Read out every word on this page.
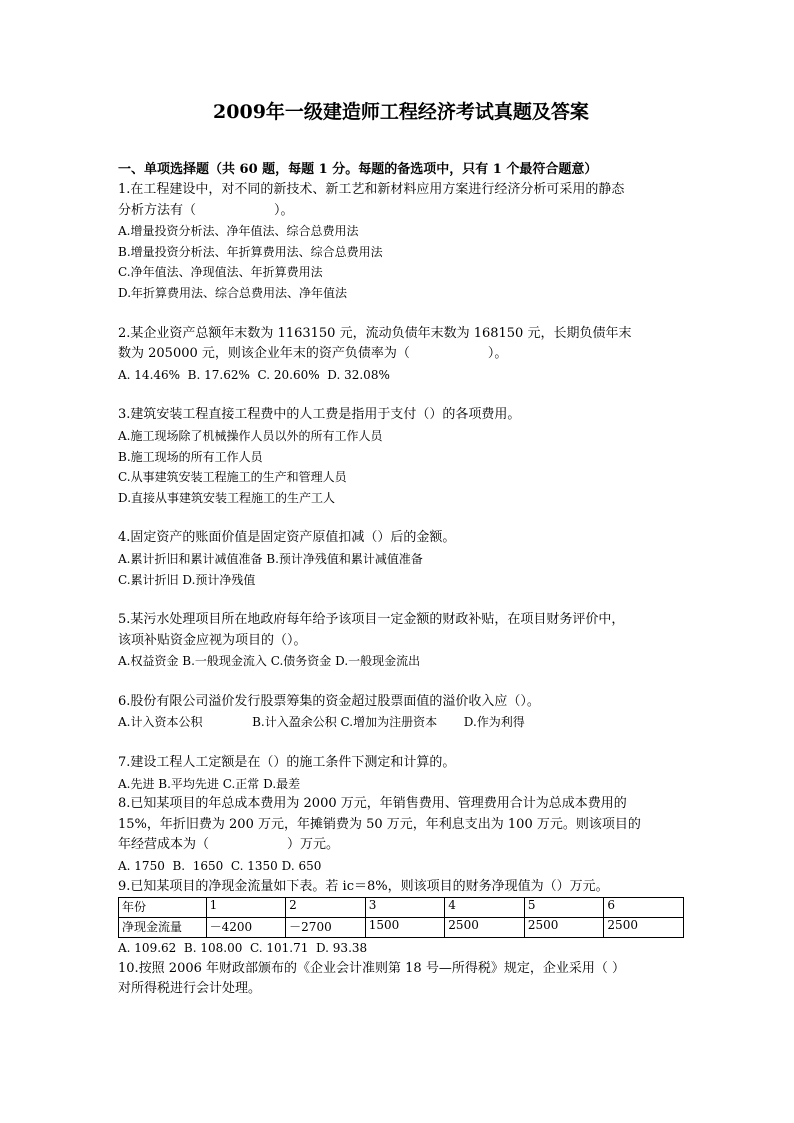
2009年一级建造师工程经济考试真题及答案

一、单项选择题（共 60 题，每题 1 分。每题的备选项中，只有 1 个最符合题意）

1.在工程建设中，对不同的新技术、新工艺和新材料应用方案进行经济分析可采用的静态

分析方法有（　　　　　　）。

A.增量投资分析法、净年值法、综合总费用法

B.增量投资分析法、年折算费用法、综合总费用法

C.净年值法、净现值法、年折算费用法

D.年折算费用法、综合总费用法、净年值法

2.某企业资产总额年末数为 1163150 元，流动负债年末数为 168150 元，长期负债年末

数为 205000 元，则该企业年末的资产负债率为（　　　　　　）。

A. 14.46%  B. 17.62%  C. 20.60%  D. 32.08%

3.建筑安装工程直接工程费中的人工费是指用于支付（）的各项费用。

A.施工现场除了机械操作人员以外的所有工作人员

B.施工现场的所有工作人员

C.从事建筑安装工程施工的生产和管理人员

D.直接从事建筑安装工程施工的生产工人

4.固定资产的账面价值是固定资产原值扣减（）后的金额。

A.累计折旧和累计减值准备 B.预计净残值和累计减值准备

C.累计折旧 D.预计净残值

5.某污水处理项目所在地政府每年给予该项目一定金额的财政补贴，在项目财务评价中，

该项补贴资金应视为项目的（）。

A.权益资金 B.一般现金流入 C.债务资金 D.一般现金流出

6.股份有限公司溢价发行股票筹集的资金超过股票面值的溢价收入应（）。

A.计入资本公积             B.计入盈余公积 C.增加为注册资本       D.作为利得

7.建设工程人工定额是在（）的施工条件下测定和计算的。

A.先进 B.平均先进 C.正常 D.最差

8.已知某项目的年总成本费用为 2000 万元，年销售费用、管理费用合计为总成本费用的

15%，年折旧费为 200 万元，年摊销费为 50 万元，年利息支出为 100 万元。则该项目的

年经营成本为（　　　　　　）万元。

A. 1750  B.  1650  C. 1350 D. 650

9.已知某项目的净现金流量如下表。若 ic＝8%，则该项目的财务净现值为（）万元。

年份	1	2	3	4	5	6
净现金流量	－4200	－2700	1500	2500	2500	2500

A. 109.62  B. 108.00  C. 101.71  D. 93.38

10.按照 2006 年财政部颁布的《企业会计准则第 18 号—所得税》规定，企业采用（ ）

对所得税进行会计处理。
